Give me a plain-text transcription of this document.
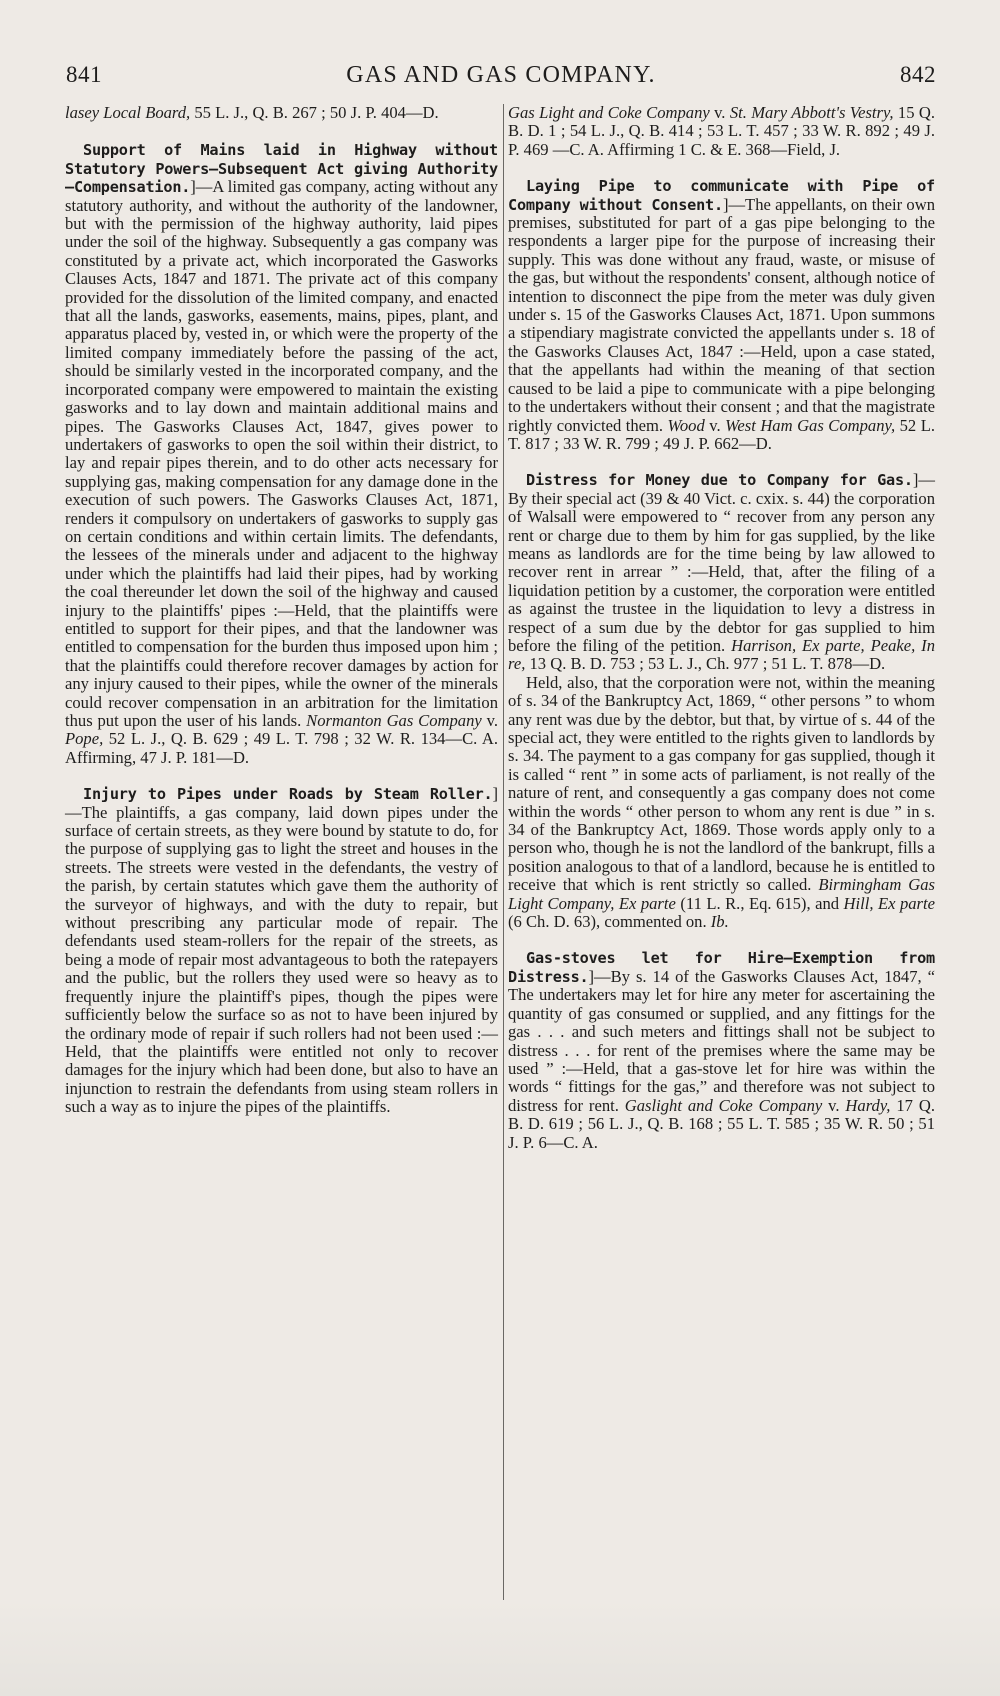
841	GAS AND GAS COMPANY.	842

lasey Local Board, 55 L. J., Q. B. 267 ; 50 J. P. 404—D.

Support of Mains laid in Highway without Statutory Powers—Subsequent Act giving Authority—Compensation.]—A limited gas company, acting without any statutory authority, and without the authority of the landowner, but with the permission of the highway authority, laid pipes under the soil of the highway. Subsequently a gas company was constituted by a private act, which incorporated the Gasworks Clauses Acts, 1847 and 1871. The private act of this company provided for the dissolution of the limited company, and enacted that all the lands, gasworks, easements, mains, pipes, plant, and apparatus placed by, vested in, or which were the property of the limited company immediately before the passing of the act, should be similarly vested in the incorporated company, and the incorporated company were empowered to maintain the existing gasworks and to lay down and maintain additional mains and pipes. The Gasworks Clauses Act, 1847, gives power to undertakers of gasworks to open the soil within their district, to lay and repair pipes therein, and to do other acts necessary for supplying gas, making compensation for any damage done in the execution of such powers. The Gasworks Clauses Act, 1871, renders it compulsory on undertakers of gasworks to supply gas on certain conditions and within certain limits. The defendants, the lessees of the minerals under and adjacent to the highway under which the plaintiffs had laid their pipes, had by working the coal thereunder let down the soil of the highway and caused injury to the plaintiffs' pipes :—Held, that the plaintiffs were entitled to support for their pipes, and that the landowner was entitled to compensation for the burden thus imposed upon him ; that the plaintiffs could therefore recover damages by action for any injury caused to their pipes, while the owner of the minerals could recover compensation in an arbitration for the limitation thus put upon the user of his lands. Normanton Gas Company v. Pope, 52 L. J., Q. B. 629 ; 49 L. T. 798 ; 32 W. R. 134—C. A. Affirming, 47 J. P. 181—D.

Injury to Pipes under Roads by Steam Roller.]—The plaintiffs, a gas company, laid down pipes under the surface of certain streets, as they were bound by statute to do, for the purpose of supplying gas to light the street and houses in the streets. The streets were vested in the defendants, the vestry of the parish, by certain statutes which gave them the authority of the surveyor of highways, and with the duty to repair, but without prescribing any particular mode of repair. The defendants used steam-rollers for the repair of the streets, as being a mode of repair most advantageous to both the ratepayers and the public, but the rollers they used were so heavy as to frequently injure the plaintiff's pipes, though the pipes were sufficiently below the surface so as not to have been injured by the ordinary mode of repair if such rollers had not been used :—Held, that the plaintiffs were entitled not only to recover damages for the injury which had been done, but also to have an injunction to restrain the defendants from using steam rollers in such a way as to injure the pipes of the plaintiffs.

Gas Light and Coke Company v. St. Mary Abbott's Vestry, 15 Q. B. D. 1 ; 54 L. J., Q. B. 414 ; 53 L. T. 457 ; 33 W. R. 892 ; 49 J. P. 469 —C. A. Affirming 1 C. & E. 368—Field, J.

Laying Pipe to communicate with Pipe of Company without Consent.]—The appellants, on their own premises, substituted for part of a gas pipe belonging to the respondents a larger pipe for the purpose of increasing their supply. This was done without any fraud, waste, or misuse of the gas, but without the respondents' consent, although notice of intention to disconnect the pipe from the meter was duly given under s. 15 of the Gasworks Clauses Act, 1871. Upon summons a stipendiary magistrate convicted the appellants under s. 18 of the Gasworks Clauses Act, 1847 :—Held, upon a case stated, that the appellants had within the meaning of that section caused to be laid a pipe to communicate with a pipe belonging to the undertakers without their consent ; and that the magistrate rightly convicted them. Wood v. West Ham Gas Company, 52 L. T. 817 ; 33 W. R. 799 ; 49 J. P. 662—D.

Distress for Money due to Company for Gas.]—By their special act (39 & 40 Vict. c. cxix. s. 44) the corporation of Walsall were empowered to “ recover from any person any rent or charge due to them by him for gas supplied, by the like means as landlords are for the time being by law allowed to recover rent in arrear ” :—Held, that, after the filing of a liquidation petition by a customer, the corporation were entitled as against the trustee in the liquidation to levy a distress in respect of a sum due by the debtor for gas supplied to him before the filing of the petition. Harrison, Ex parte, Peake, In re, 13 Q. B. D. 753 ; 53 L. J., Ch. 977 ; 51 L. T. 878—D.

Held, also, that the corporation were not, within the meaning of s. 34 of the Bankruptcy Act, 1869, “ other persons ” to whom any rent was due by the debtor, but that, by virtue of s. 44 of the special act, they were entitled to the rights given to landlords by s. 34. The payment to a gas company for gas supplied, though it is called “ rent ” in some acts of parliament, is not really of the nature of rent, and consequently a gas company does not come within the words “ other person to whom any rent is due ” in s. 34 of the Bankruptcy Act, 1869. Those words apply only to a person who, though he is not the landlord of the bankrupt, fills a position analogous to that of a landlord, because he is entitled to receive that which is rent strictly so called. Birmingham Gas Light Company, Ex parte (11 L. R., Eq. 615), and Hill, Ex parte (6 Ch. D. 63), commented on. Ib.

Gas-stoves let for Hire—Exemption from Distress.]—By s. 14 of the Gasworks Clauses Act, 1847, “ The undertakers may let for hire any meter for ascertaining the quantity of gas consumed or supplied, and any fittings for the gas . . . and such meters and fittings shall not be subject to distress . . . for rent of the premises where the same may be used ” :—Held, that a gas-stove let for hire was within the words “ fittings for the gas,” and therefore was not subject to distress for rent. Gaslight and Coke Company v. Hardy, 17 Q. B. D. 619 ; 56 L. J., Q. B. 168 ; 55 L. T. 585 ; 35 W. R. 50 ; 51 J. P. 6—C. A.
